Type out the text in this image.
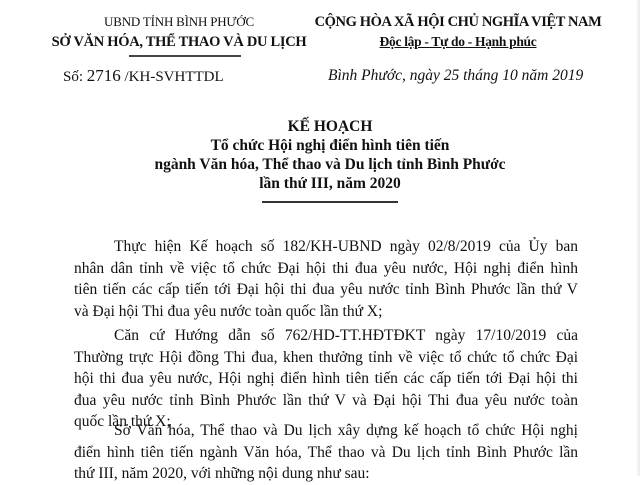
UBND TỈNH BÌNH PHƯỚC
SỞ VĂN HÓA, THỂ THAO VÀ DU LỊCH
Số: 2716 /KH-SVHTTDL
CỘNG HÒA XÃ HỘI CHỦ NGHĨA VIỆT NAM
Độc lập - Tự do - Hạnh phúc
Bình Phước, ngày 25 tháng 10 năm 2019
KẾ HOẠCH
Tổ chức Hội nghị điển hình tiên tiến
ngành Văn hóa, Thể thao và Du lịch tỉnh Bình Phước
lần thứ III, năm 2020
Thực hiện Kế hoạch số 182/KH-UBND ngày 02/8/2019 của Ủy ban
nhân dân tỉnh về việc tổ chức Đại hội thi đua yêu nước, Hội nghị điển hình
tiên tiến các cấp tiến tới Đại hội thi đua yêu nước tỉnh Bình Phước lần thứ V
và Đại hội Thi đua yêu nước toàn quốc lần thứ X;
Căn cứ Hướng dẫn số 762/HD-TT.HĐTĐKT ngày 17/10/2019 của
Thường trực Hội đồng Thi đua, khen thưởng tỉnh về việc tổ chức tổ chức Đại
hội thi đua yêu nước, Hội nghị điển hình tiên tiến các cấp tiến tới Đại hội thi
đua yêu nước tỉnh Bình Phước lần thứ V và Đại hội Thi đua yêu nước toàn
quốc lần thứ X;
Sở Văn hóa, Thể thao và Du lịch xây dựng kế hoạch tổ chức Hội nghị
điển hình tiên tiến ngành Văn hóa, Thể thao và Du lịch tỉnh Bình Phước lần
thứ III, năm 2020, với những nội dung như sau:
